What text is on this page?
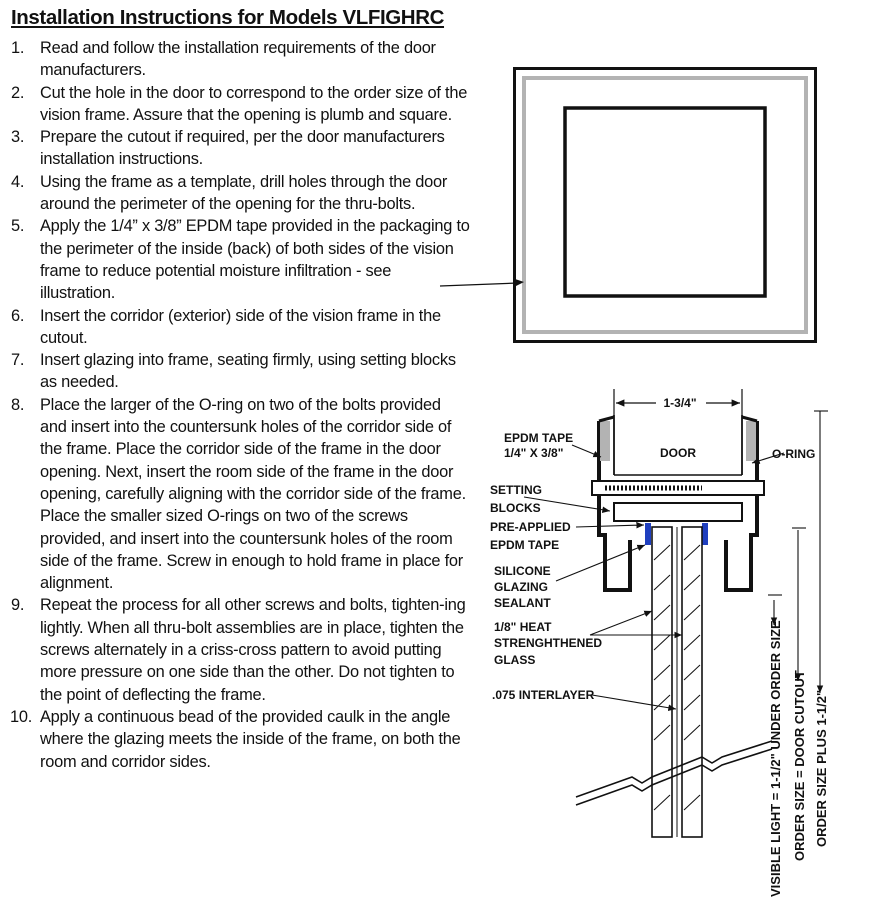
Installation Instructions for Models VLFIGHRC
1. Read and follow the installation requirements of the door manufacturers.
2. Cut the hole in the door to correspond to the order size of the vision frame. Assure that the opening is plumb and square.
3. Prepare the cutout if required, per the door manufacturers installation instructions.
4. Using the frame as a template, drill holes through the door around the perimeter of the opening for the thru-bolts.
5. Apply the 1/4” x 3/8” EPDM tape provided in the packaging to the perimeter of the inside (back) of both sides of the vision frame to reduce potential moisture infiltration - see illustration.
6. Insert the corridor (exterior) side of the vision frame in the cutout.
7. Insert glazing into frame, seating firmly, using setting blocks as needed.
8. Place the larger of the O-ring on two of the bolts provided and insert into the countersunk holes of the corridor side of the frame. Place the corridor side of the frame in the door opening. Next, insert the room side of the frame in the door opening, carefully aligning with the corridor side of the frame. Place the smaller sized O-rings on two of the screws provided, and insert into the countersunk holes of the room side of the frame. Screw in enough to hold frame in place for alignment.
9. Repeat the process for all other screws and bolts, tighten-ing lightly. When all thru-bolt assemblies are in place, tighten the screws alternately in a criss-cross pattern to avoid putting more pressure on one side than the other. Do not tighten to the point of deflecting the frame.
10. Apply a continuous bead of the provided caulk in the angle where the glazing meets the inside of the frame, on both the room and corridor sides.
1-3/4"
DOOR
EPDM TAPE
1/4" X 3/8"	O-RING
SETTING
BLOCKS
PRE-APPLIED
EPDM TAPE
SILICONE
GLAZING
SEALANT
1/8" HEAT
STRENGHTHENED
GLASS
.075 INTERLAYER	VISIBLE LIGHT = 1-1/2" UNDER ORDER SIZE ORDER SIZE = DOOR CUTOUT ORDER SIZE PLUS 1-1/2"
